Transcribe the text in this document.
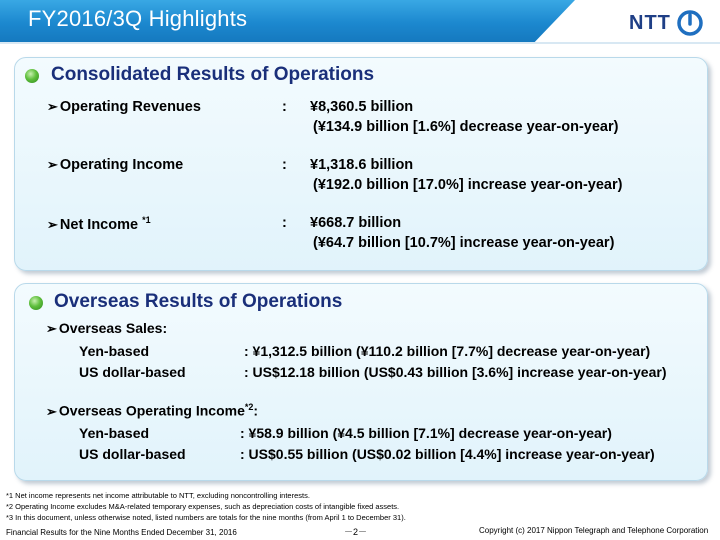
FY2016/3Q Highlights	NTT
Consolidated Results of Operations
➢ Operating Revenues	: ¥8,360.5 billion
(¥134.9 billion [1.6%] decrease year-on-year)
➢ Operating Income	: ¥1,318.6 billion
(¥192.0 billion [17.0%] increase year-on-year)
➢ Net Income $^{*1}$	: ¥668.7 billion
(¥64.7 billion [10.7%] increase year-on-year)
Overseas Results of Operations
➢ Overseas Sales:
Yen-based	: ¥1,312.5 billion (¥110.2 billion [7.7%] decrease year-on-year)
US dollar-based	: US$12.18 billion (US$0.43 billion [3.6%] increase year-on-year)
➢ Overseas Operating Income$^{*2}$:
Yen-based	: ¥58.9 billion (¥4.5 billion [7.1%] decrease year-on-year)
US dollar-based	: US$0.55 billion (US$0.02 billion [4.4%] increase year-on-year)
*1 Net income represents net income attributable to NTT, excluding noncontrolling interests.
*2 Operating Income excludes M&A-related temporary expenses, such as depreciation costs of intangible fixed assets.
*3 In this document, unless otherwise noted, listed numbers are totals for the nine months (from April 1 to December 31).
Financial Results for the Nine Months Ended December 31, 2016	－2－	Copyright (c) 2017 Nippon Telegraph and Telephone Corporation
